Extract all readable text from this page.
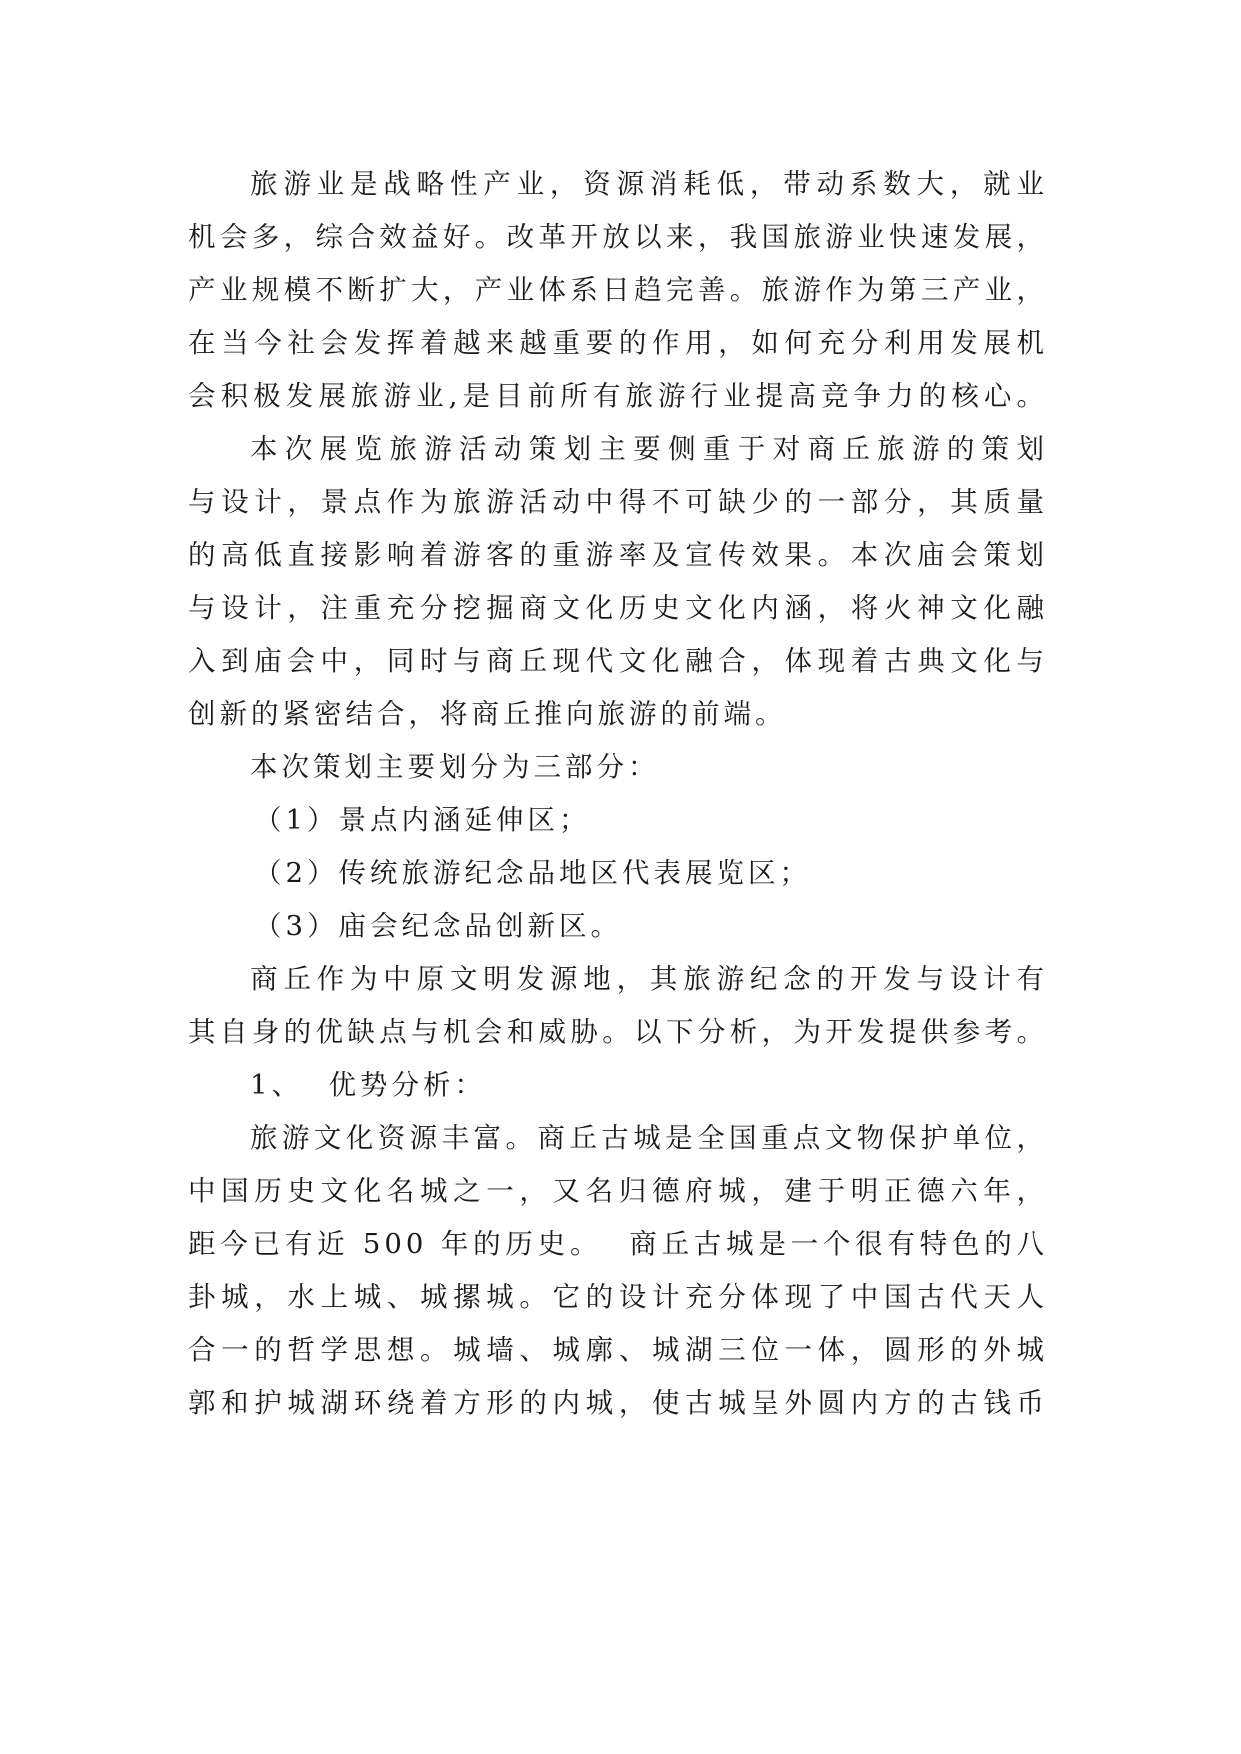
旅游业是战略性产业，资源消耗低，带动系数大，就业
机会多，综合效益好。改革开放以来，我国旅游业快速发展，
产业规模不断扩大，产业体系日趋完善。旅游作为第三产业，
在当今社会发挥着越来越重要的作用，如何充分利用发展机
会积极发展旅游业,是目前所有旅游行业提高竞争力的核心。
本次展览旅游活动策划主要侧重于对商丘旅游的策划
与设计，景点作为旅游活动中得不可缺少的一部分，其质量
的高低直接影响着游客的重游率及宣传效果。本次庙会策划
与设计，注重充分挖掘商文化历史文化内涵，将火神文化融
入到庙会中，同时与商丘现代文化融合，体现着古典文化与
创新的紧密结合，将商丘推向旅游的前端。
本次策划主要划分为三部分：
（1）景点内涵延伸区；
（2）传统旅游纪念品地区代表展览区；
（3）庙会纪念品创新区。
商丘作为中原文明发源地，其旅游纪念的开发与设计有
其自身的优缺点与机会和威胁。以下分析，为开发提供参考。
1、  优势分析：
旅游文化资源丰富。商丘古城是全国重点文物保护单位，
中国历史文化名城之一，又名归德府城，建于明正德六年，
距今已有近 500 年的历史。  商丘古城是一个很有特色的八
卦城，水上城、城摞城。它的设计充分体现了中国古代天人
合一的哲学思想。城墙、城廓、城湖三位一体，圆形的外城
郭和护城湖环绕着方形的内城，使古城呈外圆内方的古钱币
